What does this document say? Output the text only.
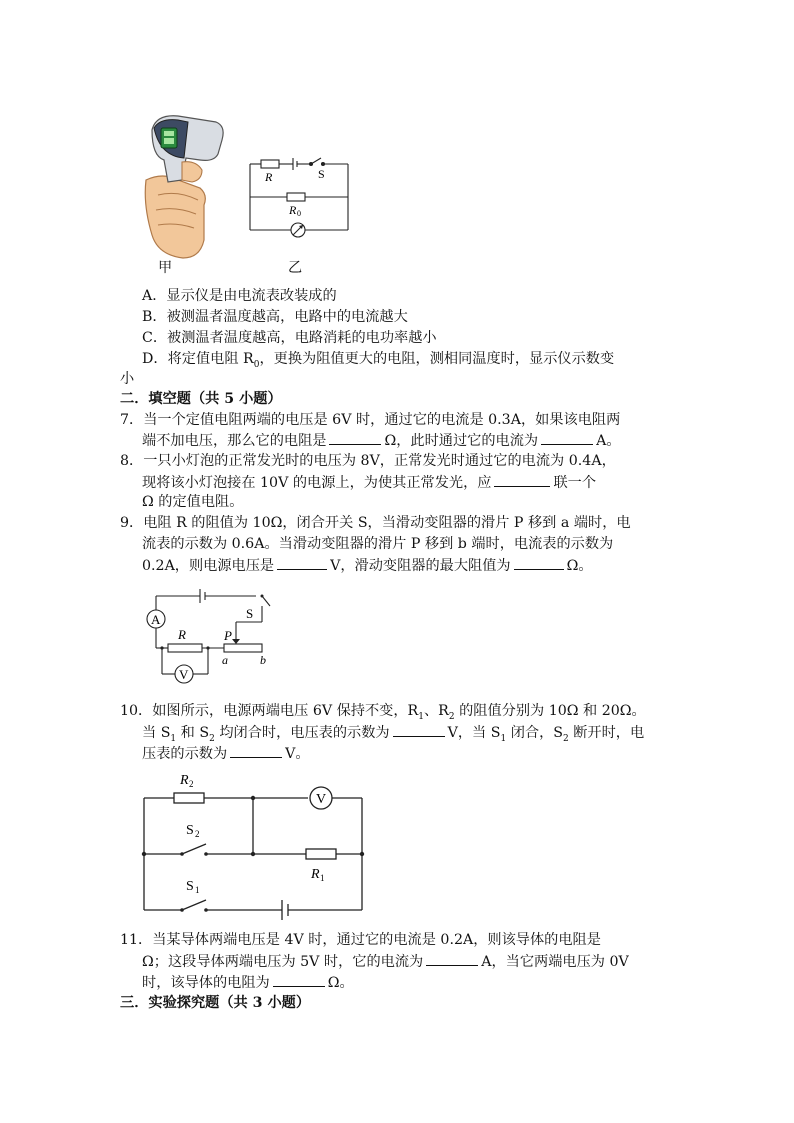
甲
R	S
R 0
乙
A．显示仪是由电流表改装成的
B．被测温者温度越高，电路中的电流越大
C．被测温者温度越高，电路消耗的电功率越小
D．将定值电阻 $R_0$，更换为阻值更大的电阻，测相同温度时，显示仪示数变
小
二．填空题（共 5 小题）
7．当一个定值电阻两端的电压是 6V 时，通过它的电流是 0.3A，如果该电阻两
端不加电压，那么它的电阻是	Ω，此时通过它的电流为	A。
8．一只小灯泡的正常发光时的电压为 8V，正常发光时通过它的电流为 0.4A，
现将该小灯泡接在 10V 的电源上，为使其正常发光，应	联一个
Ω 的定值电阻。
9．电阻 R 的阻值为 10Ω，闭合开关 S，当滑动变阻器的滑片 P 移到 a 端时，电
流表的示数为 0.6A。当滑动变阻器的滑片 P 移到 b 端时，电流表的示数为
0.2A，则电源电压是	V，滑动变阻器的最大阻值为	Ω。
A	S
R	P
a	b
V
10．如图所示，电源两端电压 6V 保持不变，$R_1$、$R_2$ 的阻值分别为 10Ω 和 20Ω。
当 $S_1$ 和 $S_2$ 均闭合时，电压表的示数为	V，当 $S_1$ 闭合，$S_2$ 断开时，电
压表的示数为	V。
R 2
V
S 2
R 1
S 1
11．当某导体两端电压是 4V 时，通过它的电流是 0.2A，则该导体的电阻是
Ω；这段导体两端电压为 5V 时，它的电流为	A，当它两端电压为 0V
时，该导体的电阻为	Ω。
三．实验探究题（共 3 小题）
